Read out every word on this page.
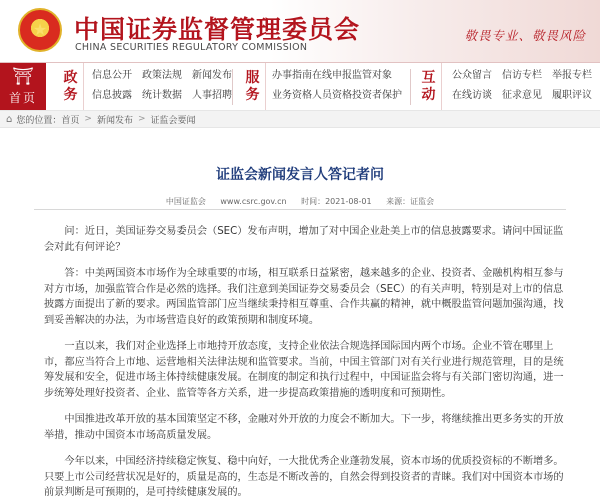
★ 中国证券监督管理委员会
CHINA SECURITIES REGULATORY COMMISSION
敬畏专业、敬畏风险
⛩
首页
政
务
信息公开 政策法规 新闻发布
信息披露 统计数据 人事招聘
服
务
办事指南在线申报监管对象
业务资格人员资格投资者保护
互
动
公众留言 信访专栏 举报专栏
在线访谈 征求意见 履职评议
⌂ 您的位置： 首页 > 新闻发布 > 证监会要闻
证监会新闻发言人答记者问
中国证监会 www.csrc.gov.cn 时间：2021-08-01 来源：证监会

问：近日，美国证券交易委员会（SEC）发布声明，增加了对中国企业赴美上市的信息披露要求。请问中国证监会对此有何评论？

答：中美两国资本市场作为全球重要的市场，相互联系日益紧密，越来越多的企业、投资者、金融机构相互参与对方市场，加强监管合作是必然的选择。我们注意到美国证券交易委员会（SEC）的有关声明，特别是对上市的信息披露方面提出了新的要求。两国监管部门应当继续秉持相互尊重、合作共赢的精神，就中概股监管问题加强沟通，找到妥善解决的办法，为市场营造良好的政策预期和制度环境。

一直以来，我们对企业选择上市地持开放态度，支持企业依法合规选择国际国内两个市场。企业不管在哪里上市，都应当符合上市地、运营地相关法律法规和监管要求。当前，中国主管部门对有关行业进行规范管理，目的是统筹发展和安全，促进市场主体持续健康发展。在制度的制定和执行过程中，中国证监会将与有关部门密切沟通，进一步统筹处理好投资者、企业、监管等各方关系，进一步提高政策措施的透明度和可预期性。

中国推进改革开放的基本国策坚定不移，金融对外开放的力度会不断加大。下一步，将继续推出更多务实的开放举措，推动中国资本市场高质量发展。

今年以来，中国经济持续稳定恢复、稳中向好，一大批优秀企业蓬勃发展，资本市场的优质投资标的不断增多。只要上市公司经营状况是好的，质量是高的，生态是不断改善的，自然会得到投资者的青睐。我们对中国资本市场的前景判断是可预期的，是可持续健康发展的。
